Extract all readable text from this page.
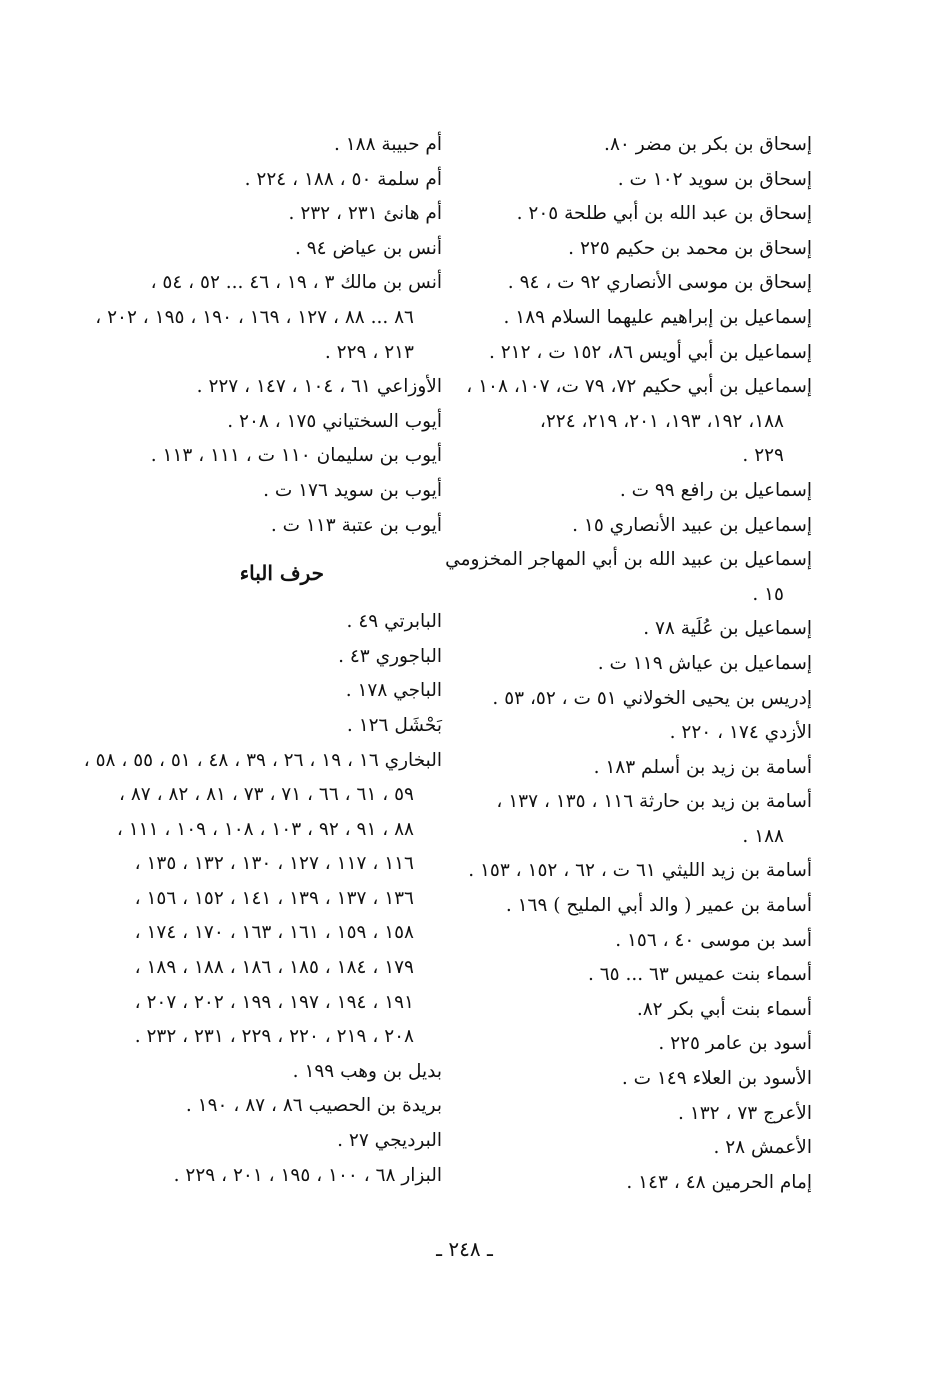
إسحاق بن بكر بن مضر ٨٠.
إسحاق بن سويد ١٠٢ ت .
إسحاق بن عبد الله بن أبي طلحة ٢٠٥ .
إسحاق بن محمد بن حكيم ٢٢٥ .
إسحاق بن موسى الأنصاري ٩٢ ت ، ٩٤ .
إسماعيل بن إبراهيم عليهما السلام ١٨٩ .
إسماعيل بن أبي أويس ٨٦، ١٥٢ ت ، ٢١٢ .
إسماعيل بن أبي حكيم ٧٢، ٧٩ ت، ١٠٧، ١٠٨ ،
١٨٨، ١٩٢، ١٩٣، ٢٠١، ٢١٩، ٢٢٤،
٢٢٩ .
إسماعيل بن رافع ٩٩ ت .
إسماعيل بن عبيد الأنصاري ١٥ .
إسماعيل بن عبيد الله بن أبي المهاجر المخزومي
١٥ .
إسماعيل بن عُلَية ٧٨ .
إسماعيل بن عياش ١١٩ ت .
إدريس بن يحيى الخولاني ٥١ ت ، ٥٢، ٥٣ .
الأزدي ١٧٤ ، ٢٢٠ .
أسامة بن زيد بن أسلم ١٨٣ .
أسامة بن زيد بن حارثة ١١٦ ، ١٣٥ ، ١٣٧ ،
١٨٨ .
أسامة بن زيد الليثي ٦١ ت ، ٦٢ ، ١٥٢ ، ١٥٣ .
أسامة بن عمير ( والد أبي المليح ) ١٦٩ .
أسد بن موسى ٤٠ ، ١٥٦ .
أسماء بنت عميس ٦٣ ... ٦٥ .
أسماء بنت أبي بكر ٨٢.
أسود بن عامر ٢٢٥ .
الأسود بن العلاء ١٤٩ ت .
الأعرج ٧٣ ، ١٣٢ .
الأعمش ٢٨ .
إمام الحرمين ٤٨ ، ١٤٣ .
أم حبيبة ١٨٨ .
أم سلمة ٥٠ ، ١٨٨ ، ٢٢٤ .
أم هانئ ٢٣١ ، ٢٣٢ .
أنس بن عياض ٩٤ .
أنس بن مالك ٣ ، ١٩ ، ٤٦ ... ٥٢ ، ٥٤ ،
٨٦ ... ٨٨ ، ١٢٧ ، ١٦٩ ، ١٩٠ ، ١٩٥ ، ٢٠٢ ،
٢١٣ ، ٢٢٩ .
الأوزاعي ٦١ ، ١٠٤ ، ١٤٧ ، ٢٢٧ .
أيوب السختياني ١٧٥ ، ٢٠٨ .
أيوب بن سليمان ١١٠ ت ، ١١١ ، ١١٣ .
أيوب بن سويد ١٧٦ ت .
أيوب بن عتبة ١١٣ ت .
حرف الباء
البابرتي ٤٩ .
الباجوري ٤٣ .
الباجي ١٧٨ .
بَحْشَل ١٢٦ .
البخاري ١٦ ، ١٩ ، ٢٦ ، ٣٩ ، ٤٨ ، ٥١ ، ٥٥ ، ٥٨ ،
٥٩ ، ٦١ ، ٦٦ ، ٧١ ، ٧٣ ، ٨١ ، ٨٢ ، ٨٧ ،
٨٨ ، ٩١ ، ٩٢ ، ١٠٣ ، ١٠٨ ، ١٠٩ ، ١١١ ،
١١٦ ، ١١٧ ، ١٢٧ ، ١٣٠ ، ١٣٢ ، ١٣٥ ،
١٣٦ ، ١٣٧ ، ١٣٩ ، ١٤١ ، ١٥٢ ، ١٥٦ ،
١٥٨ ، ١٥٩ ، ١٦١ ، ١٦٣ ، ١٧٠ ، ١٧٤ ،
١٧٩ ، ١٨٤ ، ١٨٥ ، ١٨٦ ، ١٨٨ ، ١٨٩ ،
١٩١ ، ١٩٤ ، ١٩٧ ، ١٩٩ ، ٢٠٢ ، ٢٠٧ ،
٢٠٨ ، ٢١٩ ، ٢٢٠ ، ٢٢٩ ، ٢٣١ ، ٢٣٢ .
بديل بن وهب ١٩٩ .
بريدة بن الحصيب ٨٦ ، ٨٧ ، ١٩٠ .
البرديجي ٢٧ .
البزار ٦٨ ، ١٠٠ ، ١٩٥ ، ٢٠١ ، ٢٢٩ .
ـ ٢٤٨ ـ
